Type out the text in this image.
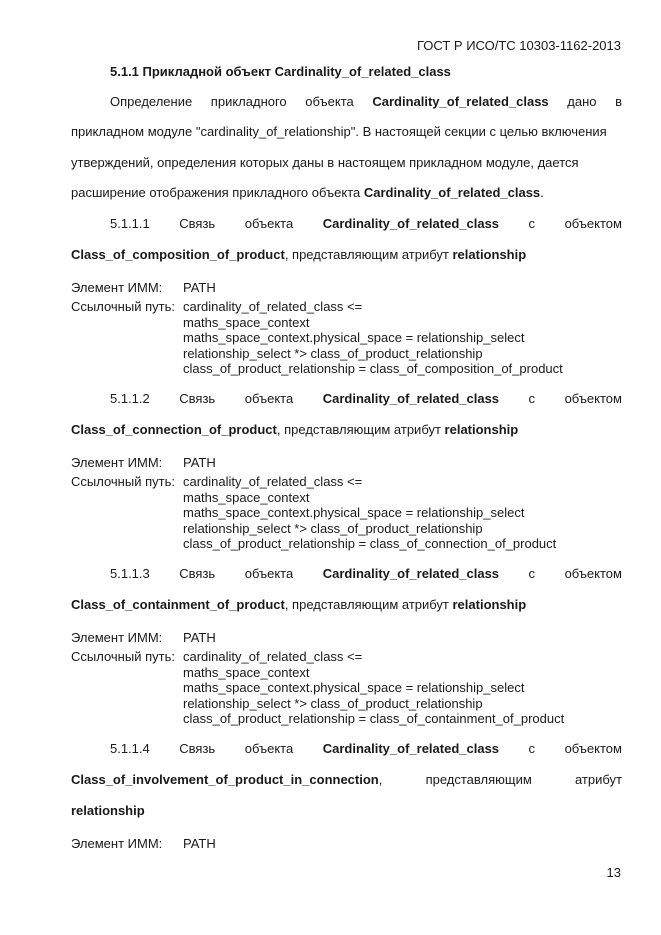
ГОСТ Р ИСО/ТС 10303-1162-2013
5.1.1 Прикладной объект Cardinality_of_related_class
Определение прикладного объекта Cardinality_of_related_class дано в
прикладном модуле "cardinality_of_relationship". В настоящей секции с целью включения
утверждений, определения которых даны в настоящем прикладном модуле, дается
расширение отображения прикладного объекта Cardinality_of_related_class.
5.1.1.1 Связь объекта Cardinality_of_related_class с объектом
Class_of_composition_of_product, представляющим атрибут relationship
Элемент ИММ:	PATH
Ссылочный путь: cardinality_of_related_class <=
maths_space_context
maths_space_context.physical_space = relationship_select
relationship_select *> class_of_product_relationship
class_of_product_relationship = class_of_composition_of_product
5.1.1.2 Связь объекта Cardinality_of_related_class с объектом
Class_of_connection_of_product, представляющим атрибут relationship
Элемент ИММ:	PATH
Ссылочный путь: cardinality_of_related_class <=
maths_space_context
maths_space_context.physical_space = relationship_select
relationship_select *> class_of_product_relationship
class_of_product_relationship = class_of_connection_of_product
5.1.1.3 Связь объекта Cardinality_of_related_class с объектом
Class_of_containment_of_product, представляющим атрибут relationship
Элемент ИММ:	PATH
Ссылочный путь: cardinality_of_related_class <=
maths_space_context
maths_space_context.physical_space = relationship_select
relationship_select *> class_of_product_relationship
class_of_product_relationship = class_of_containment_of_product
5.1.1.4 Связь объекта Cardinality_of_related_class с объектом
Class_of_involvement_of_product_in_connection,	представляющим	атрибут
relationship
Элемент ИММ:	PATH
13
